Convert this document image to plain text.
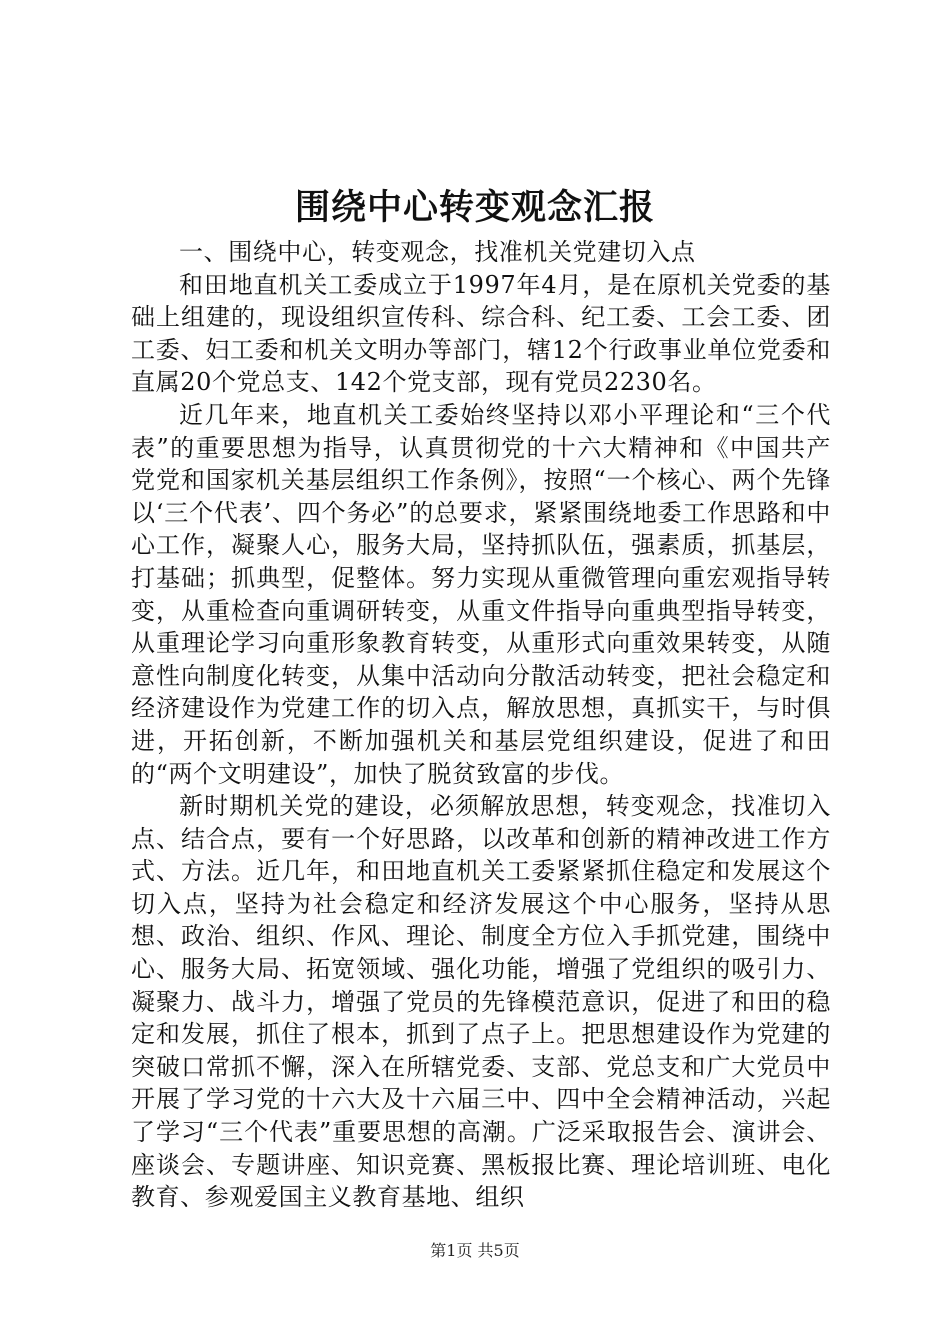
围绕中心转变观念汇报

一、围绕中心，转变观念，找准机关党建切入点

和田地直机关工委成立于1997年4月，是在原机关党委的基础上组建的，现设组织宣传科、综合科、纪工委、工会工委、团工委、妇工委和机关文明办等部门，辖12个行政事业单位党委和直属20个党总支、142个党支部，现有党员2230名。

近几年来，地直机关工委始终坚持以邓小平理论和“三个代表”的重要思想为指导，认真贯彻党的十六大精神和《中国共产党党和国家机关基层组织工作条例》，按照“一个核心、两个先锋以‘三个代表’、四个务必”的总要求，紧紧围绕地委工作思路和中心工作，凝聚人心，服务大局，坚持抓队伍，强素质，抓基层，打基础；抓典型，促整体。努力实现从重微管理向重宏观指导转变，从重检查向重调研转变，从重文件指导向重典型指导转变，从重理论学习向重形象教育转变，从重形式向重效果转变，从随意性向制度化转变，从集中活动向分散活动转变，把社会稳定和经济建设作为党建工作的切入点，解放思想，真抓实干，与时俱进，开拓创新，不断加强机关和基层党组织建设，促进了和田的“两个文明建设”，加快了脱贫致富的步伐。

新时期机关党的建设，必须解放思想，转变观念，找准切入点、结合点，要有一个好思路，以改革和创新的精神改进工作方式、方法。近几年，和田地直机关工委紧紧抓住稳定和发展这个切入点，坚持为社会稳定和经济发展这个中心服务，坚持从思想、政治、组织、作风、理论、制度全方位入手抓党建，围绕中心、服务大局、拓宽领域、强化功能，增强了党组织的吸引力、凝聚力、战斗力，增强了党员的先锋模范意识，促进了和田的稳定和发展，抓住了根本，抓到了点子上。把思想建设作为党建的突破口常抓不懈，深入在所辖党委、支部、党总支和广大党员中开展了学习党的十六大及十六届三中、四中全会精神活动，兴起了学习“三个代表”重要思想的高潮。广泛采取报告会、演讲会、座谈会、专题讲座、知识竞赛、黑板报比赛、理论培训班、电化教育、参观爱国主义教育基地、组织

第1页 共5页
